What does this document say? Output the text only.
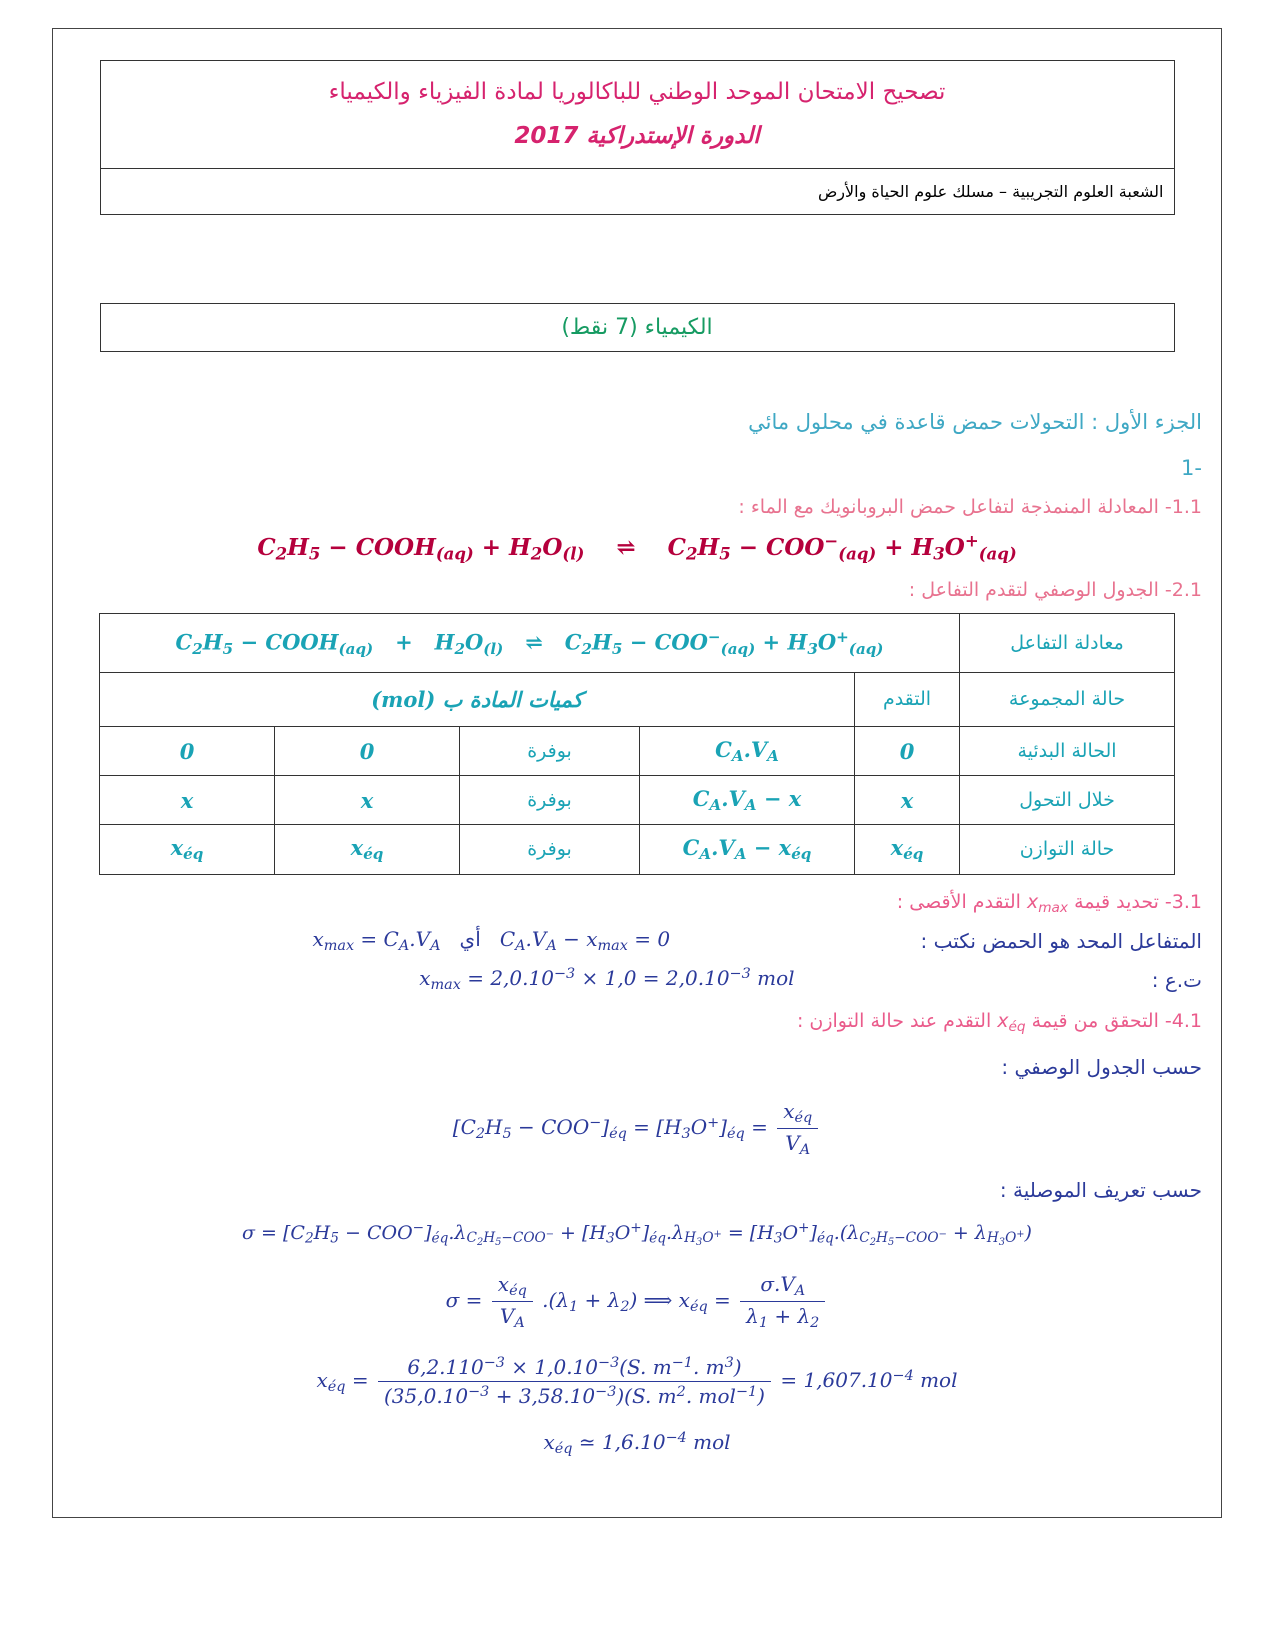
تصحيح الامتحان الموحد الوطني للباكالوريا لمادة الفيزياء والكيمياء
الدورة الإستدراكية 2017
الشعبة العلوم التجريبية – مسلك علوم الحياة والأرض
الكيمياء (7 نقط)
الجزء الأول : التحولات حمض قاعدة في محلول مائي
-1
1.1- المعادلة المنمذجة لتفاعل حمض البروبانويك مع الماء :
$C_2H_5$ − $COOH_{(aq)} + H_2O_{(l)}$ ⇌ $C_2H_5 - COO^-_{(aq)} + H_3O^+_{(aq)}$
2.1- الجدول الوصفي لتقدم التفاعل :
معادلة التفاعل	$C_2H_5$ − $COOH_{(aq)} + H_2O_{(l)}$   ⇌   $C_2H_5 - COO^-_{(aq)} + H_3O^+_{(aq)}$
حالة المجموعة	التقدم	كميات المادة ب (mol)			
الحالة البدئية	0	$C_A.V_A$	بوفرة	0	0
خلال التحول	x	$C_A.V_A - x$	بوفرة	x	x
حالة التوازن	$x_{éq}$	$C_A.V_A - x_{éq}$	بوفرة	$x_{éq}$	$x_{éq}$
3.1- تحديد قيمة $x_{max}$ التقدم الأقصى :
المتفاعل المحد هو الحمض نكتب :
$x_{max} = C_A.V_A$ أي   $C_A.V_A - x_{max} = 0$
ت.ع :
$x_{max} = 2,0.10^{-3} \times 1,0 = 2,0.10^{-3}$ mol
4.1- التحقق من قيمة $x_{éq}$ التقدم عند حالة التوازن :
حسب الجدول الوصفي :
$[C_2H_5 - COO^-]_{éq} = [H_3O^+]_{éq} = \frac{x_{éq}}{V_A}$
حسب تعريف الموصلية :
$\sigma = [C_2H_5 - COO^-]_{éq}.\lambda_{C_2H_5-COO^-} + [H_3O^+]_{éq}.\lambda_{H_3O^+} = [H_3O^+]_{éq}.(\lambda_{C_2H_5-COO^-} + \lambda_{H_3O^+})$
$\sigma = \frac{x_{éq}}{V_A} .(\lambda_1 + \lambda_2)$ ⟹ $x_{éq} = \frac{\sigma.V_A}{\lambda_1 + \lambda_2}$
$x_{éq} = \frac{6,2.110^{-3} \times 1,0.10^{-3}(S. m^{-1}. m^3)}{(35,0.10^{-3} + 3,58.10^{-3})(S. m^2. mol^{-1})} = 1,607.10^{-4}$ mol
$x_{éq}$ ≃ $1,6.10^{-4}$ mol
